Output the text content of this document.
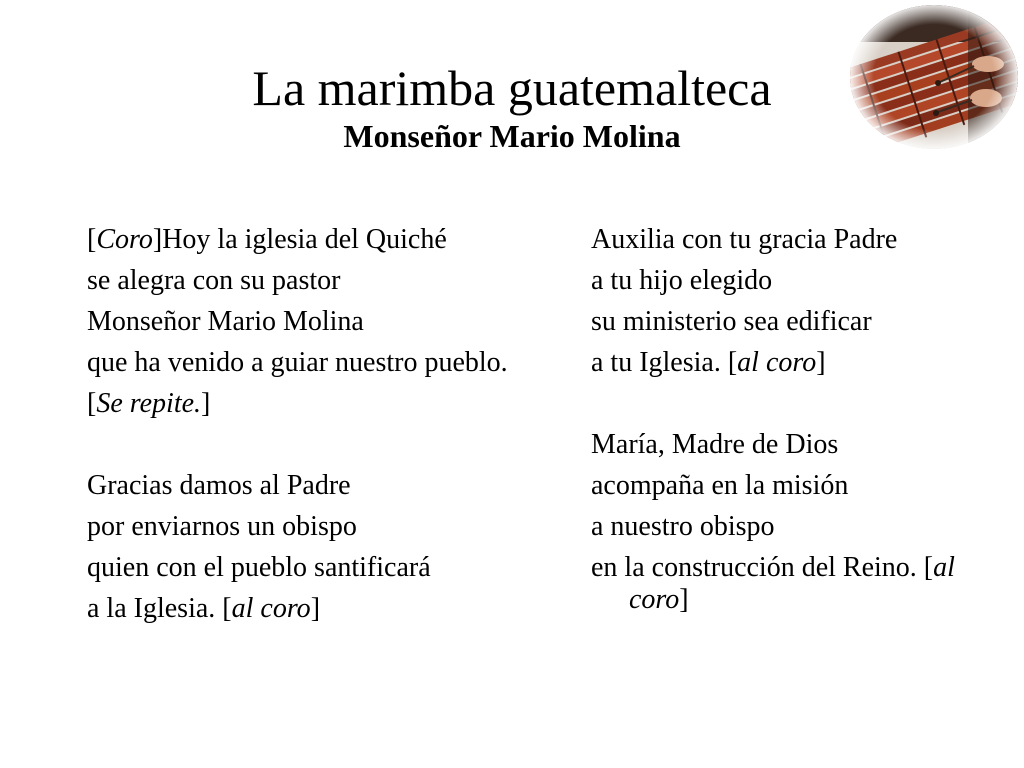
La marimba guatemalteca
Monseñor Mario Molina

[Coro]Hoy la iglesia del Quiché

se alegra con su pastor

Monseñor Mario Molina

que ha venido a guiar nuestro pueblo.

[Se repite.]

Gracias damos al Padre

por enviarnos un obispo

quien con el pueblo santificará

a la Iglesia. [al coro]

Auxilia con tu gracia Padre

a tu hijo elegido

su ministerio sea edificar

a tu Iglesia. [al coro]

María, Madre de Dios

acompaña en la misión

a nuestro obispo

en la construcción del Reino. [al coro]
